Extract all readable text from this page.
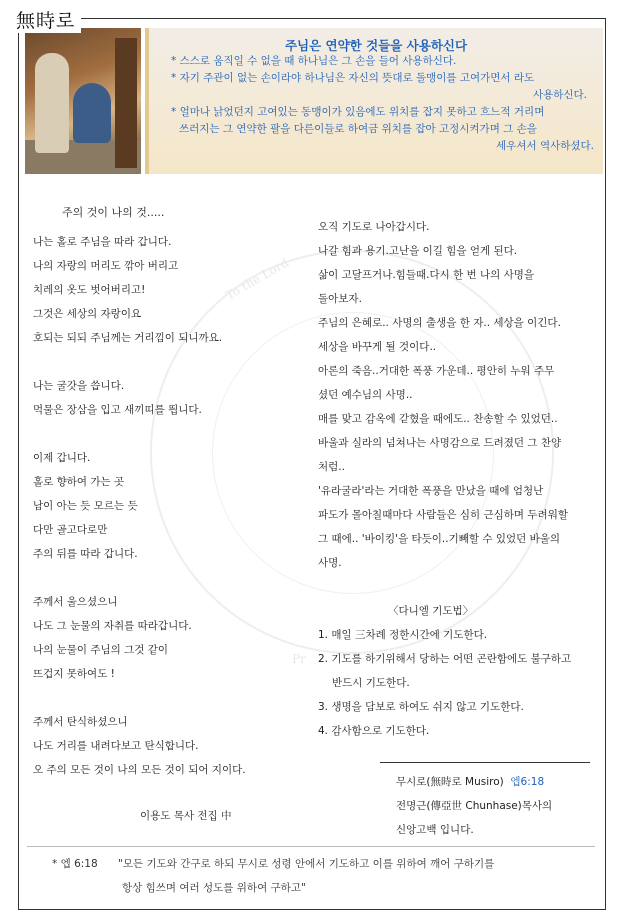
無時로
주님은 연약한 것들을 사용하신다
* 스스로 움직일 수 없을 때 하나님은 그 손을 들어 사용하신다.
* 자기 주관이 없는 손이라야 하나님은 자신의 뜻대로 돌맹이를 고여가면서 라도
사용하신다.
* 얼마나 낡었던지 고여있는 동맹이가 있음에도 위치를 잡지 못하고 흐느적 거리며
쓰러지는 그 연약한 팔을 다른이들로 하여금 위치를 잡아 고정시켜가며 그 손을
세우셔서 역사하셨다.
To the Lord
Pr
주의 것이 나의 것.....

나는 홀로 주님을 따라 갑니다.

나의 자랑의 머리도 깎아 버리고

치레의 옷도 벗어버리고!

그것은 세상의 자랑이요

호되는 되되 주님께는 거리낌이 되니까요.

나는 굴갓을 씁니다.

먹물은 장삼을 입고 새끼띠를 띕니다.

이제 갑니다.

홀로 향하여 가는 곳

남이 아는 듯 모르는 듯

다만 골고다로만

주의 뒤를 따라 갑니다.

주께서 울으셨으니

나도 그 눈물의 자취를 따라갑니다.

나의 눈물이 주님의 그것 같이

뜨겁지 못하여도 !

주께서 탄식하셨으니

나도 거리를 내려다보고 탄식합니다.

오 주의 모든 것이 나의 모든 것이 되어 지이다.

이용도 목사 전집 中

오직 기도로 나아갑시다.

나갈 힘과 용기.고난을 이길 힘을 얻게 된다.

삶이 고달프거나.힘들때.다시 한 번 나의 사명을

돌아보자.

주님의 은혜로.. 사명의 출생을 한 자.. 세상을 이긴다.

세상을 바꾸게 될 것이다..

아론의 죽음..거대한 폭풍 가운데.. 평안히 누워 주무

셨던 예수님의 사명..

매를 맞고 감옥에 갇혔을 때에도.. 찬송할 수 있었던..

바울과 실라의 넘쳐나는 사명감으로 드려졌던 그 찬양

처럼..

'유라굴라'라는 거대한 폭풍을 만났을 때에 엄청난

파도가 몰아칠때마다 사람들은 심히 근심하며 두려워할

그 때에.. '바이킹'을 타듯이..기빼할 수 있었던 바울의

사명.

〈다니엘 기도법〉

1. 매일 三차례 정한시간에 기도한다.

2. 기도를 하기위해서 당하는 어떤 곤란함에도 불구하고

반드시 기도한다.

3. 생명을 담보로 하여도 쉬지 않고 기도한다.

4. 감사함으로 기도한다.

무시로(無時로 Musiro) 엡6:18
전명근(傳亞世 Chunhase)목사의
신앙고백 입니다.
* 엡 6:18 "모든 기도와 간구로 하되 무시로 성령 안에서 기도하고 이를 위하여 깨어 구하기를
항상 힘쓰며 여러 성도를 위하여 구하고"
